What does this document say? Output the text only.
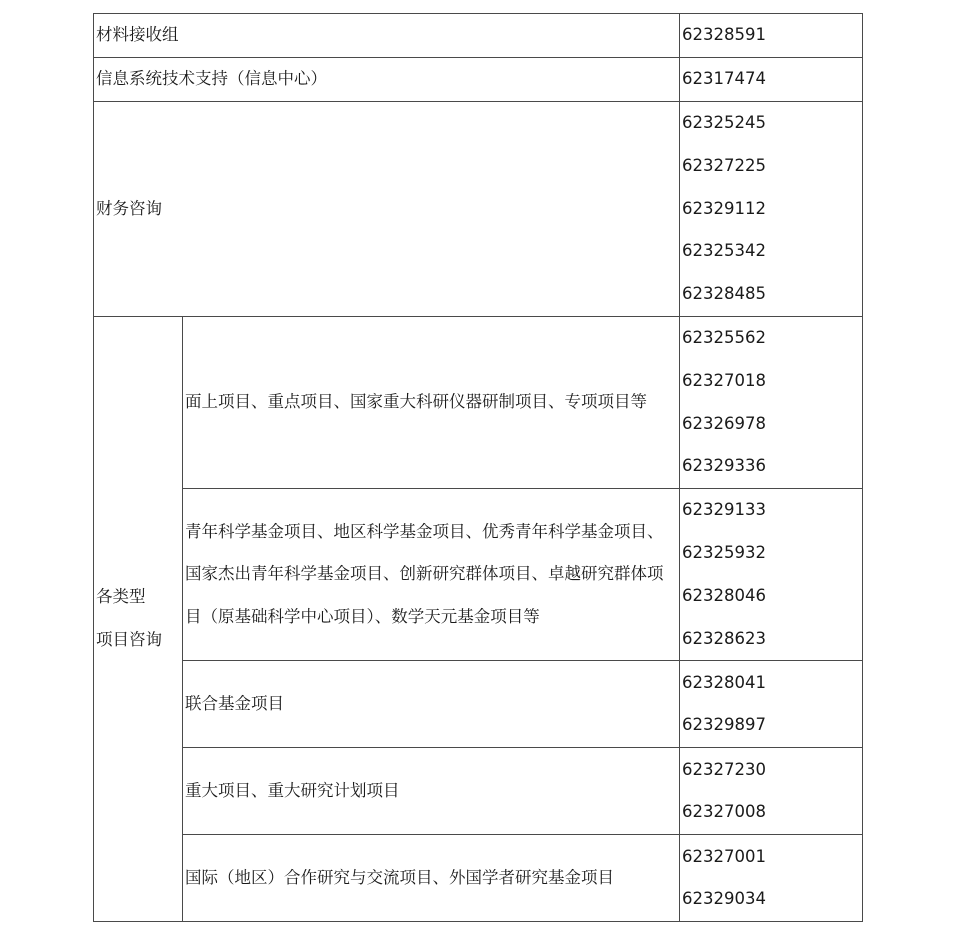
材料接收组		62328591

信息系统技术支持（信息中心）		62317474

财务咨询		62325245
62327225
62329112
62325342
62328485

各类型
项目咨询	面上项目、重点项目、国家重大科研仪器研制项目、专项项目等	62325562
62327018
62326978
62329336

	青年科学基金项目、地区科学基金项目、优秀青年科学基金项目、
国家杰出青年科学基金项目、创新研究群体项目、卓越研究群体项
目（原基础科学中心项目）、数学天元基金项目等	62329133
62325932
62328046
62328623

	联合基金项目	62328041
62329897

	重大项目、重大研究计划项目	62327230
62327008

	国际（地区）合作研究与交流项目、外国学者研究基金项目	62327001
62329034
